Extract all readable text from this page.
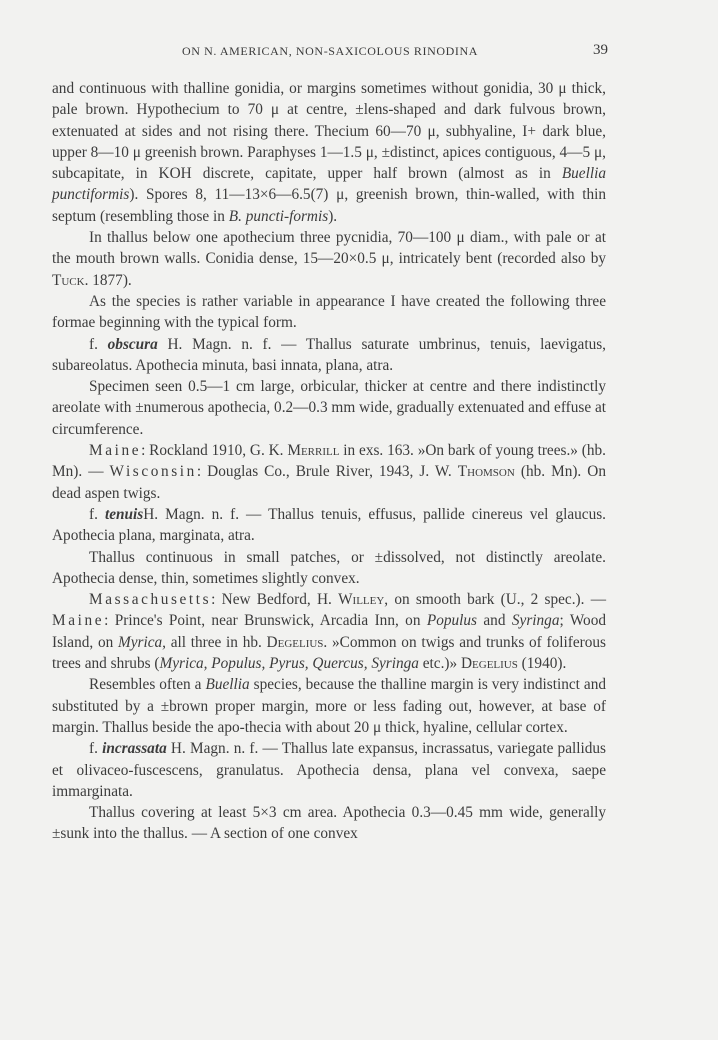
ON N. AMERICAN, NON-SAXICOLOUS RINODINA	39

and continuous with thalline gonidia, or margins sometimes without gonidia, 30 μ thick, pale brown. Hypothecium to 70 μ at centre, ±lens-shaped and dark fulvous brown, extenuated at sides and not rising there. Thecium 60—70 μ, subhyaline, I+ dark blue, upper 8—10 μ greenish brown. Paraphyses 1—1.5 μ, ±distinct, apices contiguous, 4—5 μ, subcapitate, in KOH discrete, capitate, upper half brown (almost as in Buellia punctiformis). Spores 8, 11—13×6—6.5(7) μ, greenish brown, thin-walled, with thin septum (resembling those in B. puncti-formis).

In thallus below one apothecium three pycnidia, 70—100 μ diam., with pale or at the mouth brown walls. Conidia dense, 15—20×0.5 μ, intricately bent (recorded also by Tuck. 1877).

As the species is rather variable in appearance I have created the following three formae beginning with the typical form.

f. obscura H. Magn. n. f. — Thallus saturate umbrinus, tenuis, laevigatus, subareolatus. Apothecia minuta, basi innata, plana, atra.

Specimen seen 0.5—1 cm large, orbicular, thicker at centre and there indistinctly areolate with ±numerous apothecia, 0.2—0.3 mm wide, gradually extenuated and effuse at circumference.

Maine: Rockland 1910, G. K. Merrill in exs. 163. »On bark of young trees.» (hb. Mn). — Wisconsin: Douglas Co., Brule River, 1943, J. W. Thomson (hb. Mn). On dead aspen twigs.

f. tenuisH. Magn. n. f. — Thallus tenuis, effusus, pallide cinereus vel glaucus. Apothecia plana, marginata, atra.

Thallus continuous in small patches, or ±dissolved, not distinctly areolate. Apothecia dense, thin, sometimes slightly convex.

Massachusetts: New Bedford, H. Willey, on smooth bark (U., 2 spec.). — Maine: Prince's Point, near Brunswick, Arcadia Inn, on Populus and Syringa; Wood Island, on Myrica, all three in hb. Degelius. »Common on twigs and trunks of foliferous trees and shrubs (Myrica, Populus, Pyrus, Quercus, Syringa etc.)» Degelius (1940).

Resembles often a Buellia species, because the thalline margin is very indistinct and substituted by a ±brown proper margin, more or less fading out, however, at base of margin. Thallus beside the apo-thecia with about 20 μ thick, hyaline, cellular cortex.

f. incrassata H. Magn. n. f. — Thallus late expansus, incrassatus, variegate pallidus et olivaceo-fuscescens, granulatus. Apothecia densa, plana vel convexa, saepe immarginata.

Thallus covering at least 5×3 cm area. Apothecia 0.3—0.45 mm wide, generally ±sunk into the thallus. — A section of one convex
